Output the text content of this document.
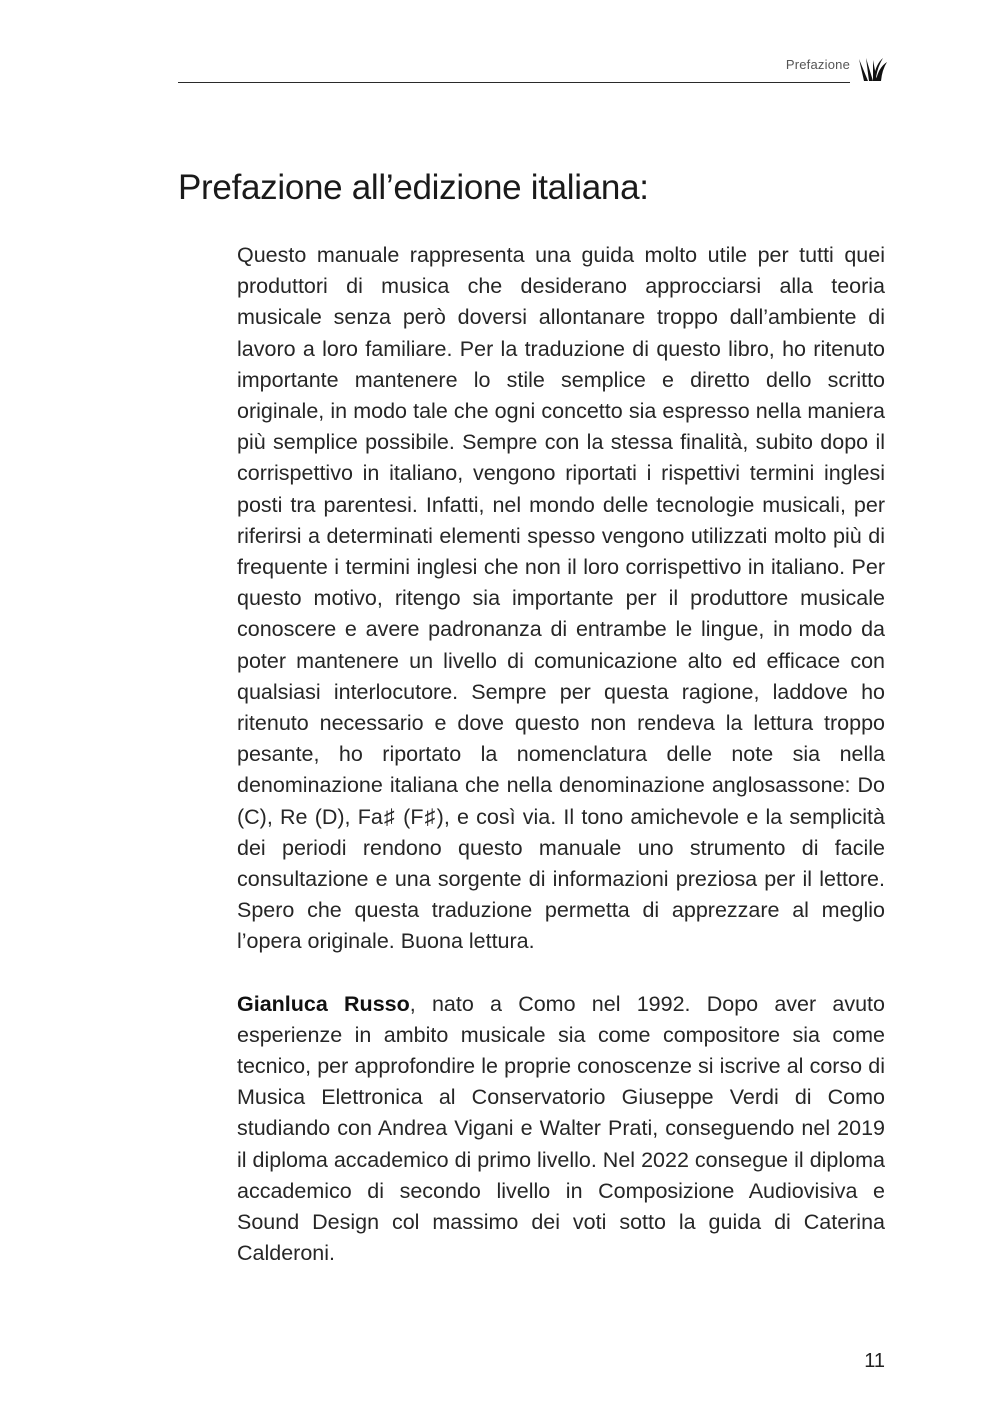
Prefazione
Prefazione all’edizione italiana:

Questo manuale rappresenta una guida molto utile per tutti quei produttori di musica che desiderano approcciarsi alla teoria musicale senza però doversi allontanare troppo dall’ambiente di lavoro a loro familiare. Per la traduzione di questo libro, ho ritenuto importante mantenere lo stile semplice e diretto dello scritto originale, in modo tale che ogni concetto sia espresso nella maniera più semplice possibile. Sempre con la stessa finalità, subito dopo il corrispettivo in italiano, vengono riportati i rispettivi termini inglesi posti tra parentesi. Infatti, nel mondo delle tecnologie musicali, per riferirsi a determinati elementi spesso vengono utilizzati molto più di frequente i termini inglesi che non il loro corrispettivo in italiano. Per questo motivo, ritengo sia importante per il produttore musicale conoscere e avere padronanza di entrambe le lingue, in modo da poter mantenere un livello di comunicazione alto ed efficace con qualsiasi interlocutore. Sempre per questa ragione, laddove ho ritenuto necessario e dove questo non rendeva la lettura troppo pesante, ho riportato la nomenclatura delle note sia nella denominazione italiana che nella denominazione anglosassone: Do (C), Re (D), Fa♯ (F♯), e così via. Il tono amichevole e la semplicità dei periodi rendono questo manuale uno strumento di facile consultazione e una sorgente di informazioni preziosa per il lettore. Spero che questa traduzione permetta di apprezzare al meglio l’opera originale. Buona lettura.

Gianluca Russo, nato a Como nel 1992. Dopo aver avuto esperienze in ambito musicale sia come compositore sia come tecnico, per approfondire le proprie conoscenze si iscrive al corso di Musica Elettronica al Conservatorio Giuseppe Verdi di Como studiando con Andrea Vigani e Walter Prati, conseguendo nel 2019 il diploma accademico di primo livello. Nel 2022 consegue il diploma accademico di secondo livello in Composizione Audiovisiva e Sound Design col massimo dei voti sotto la guida di Caterina Calderoni.

11
